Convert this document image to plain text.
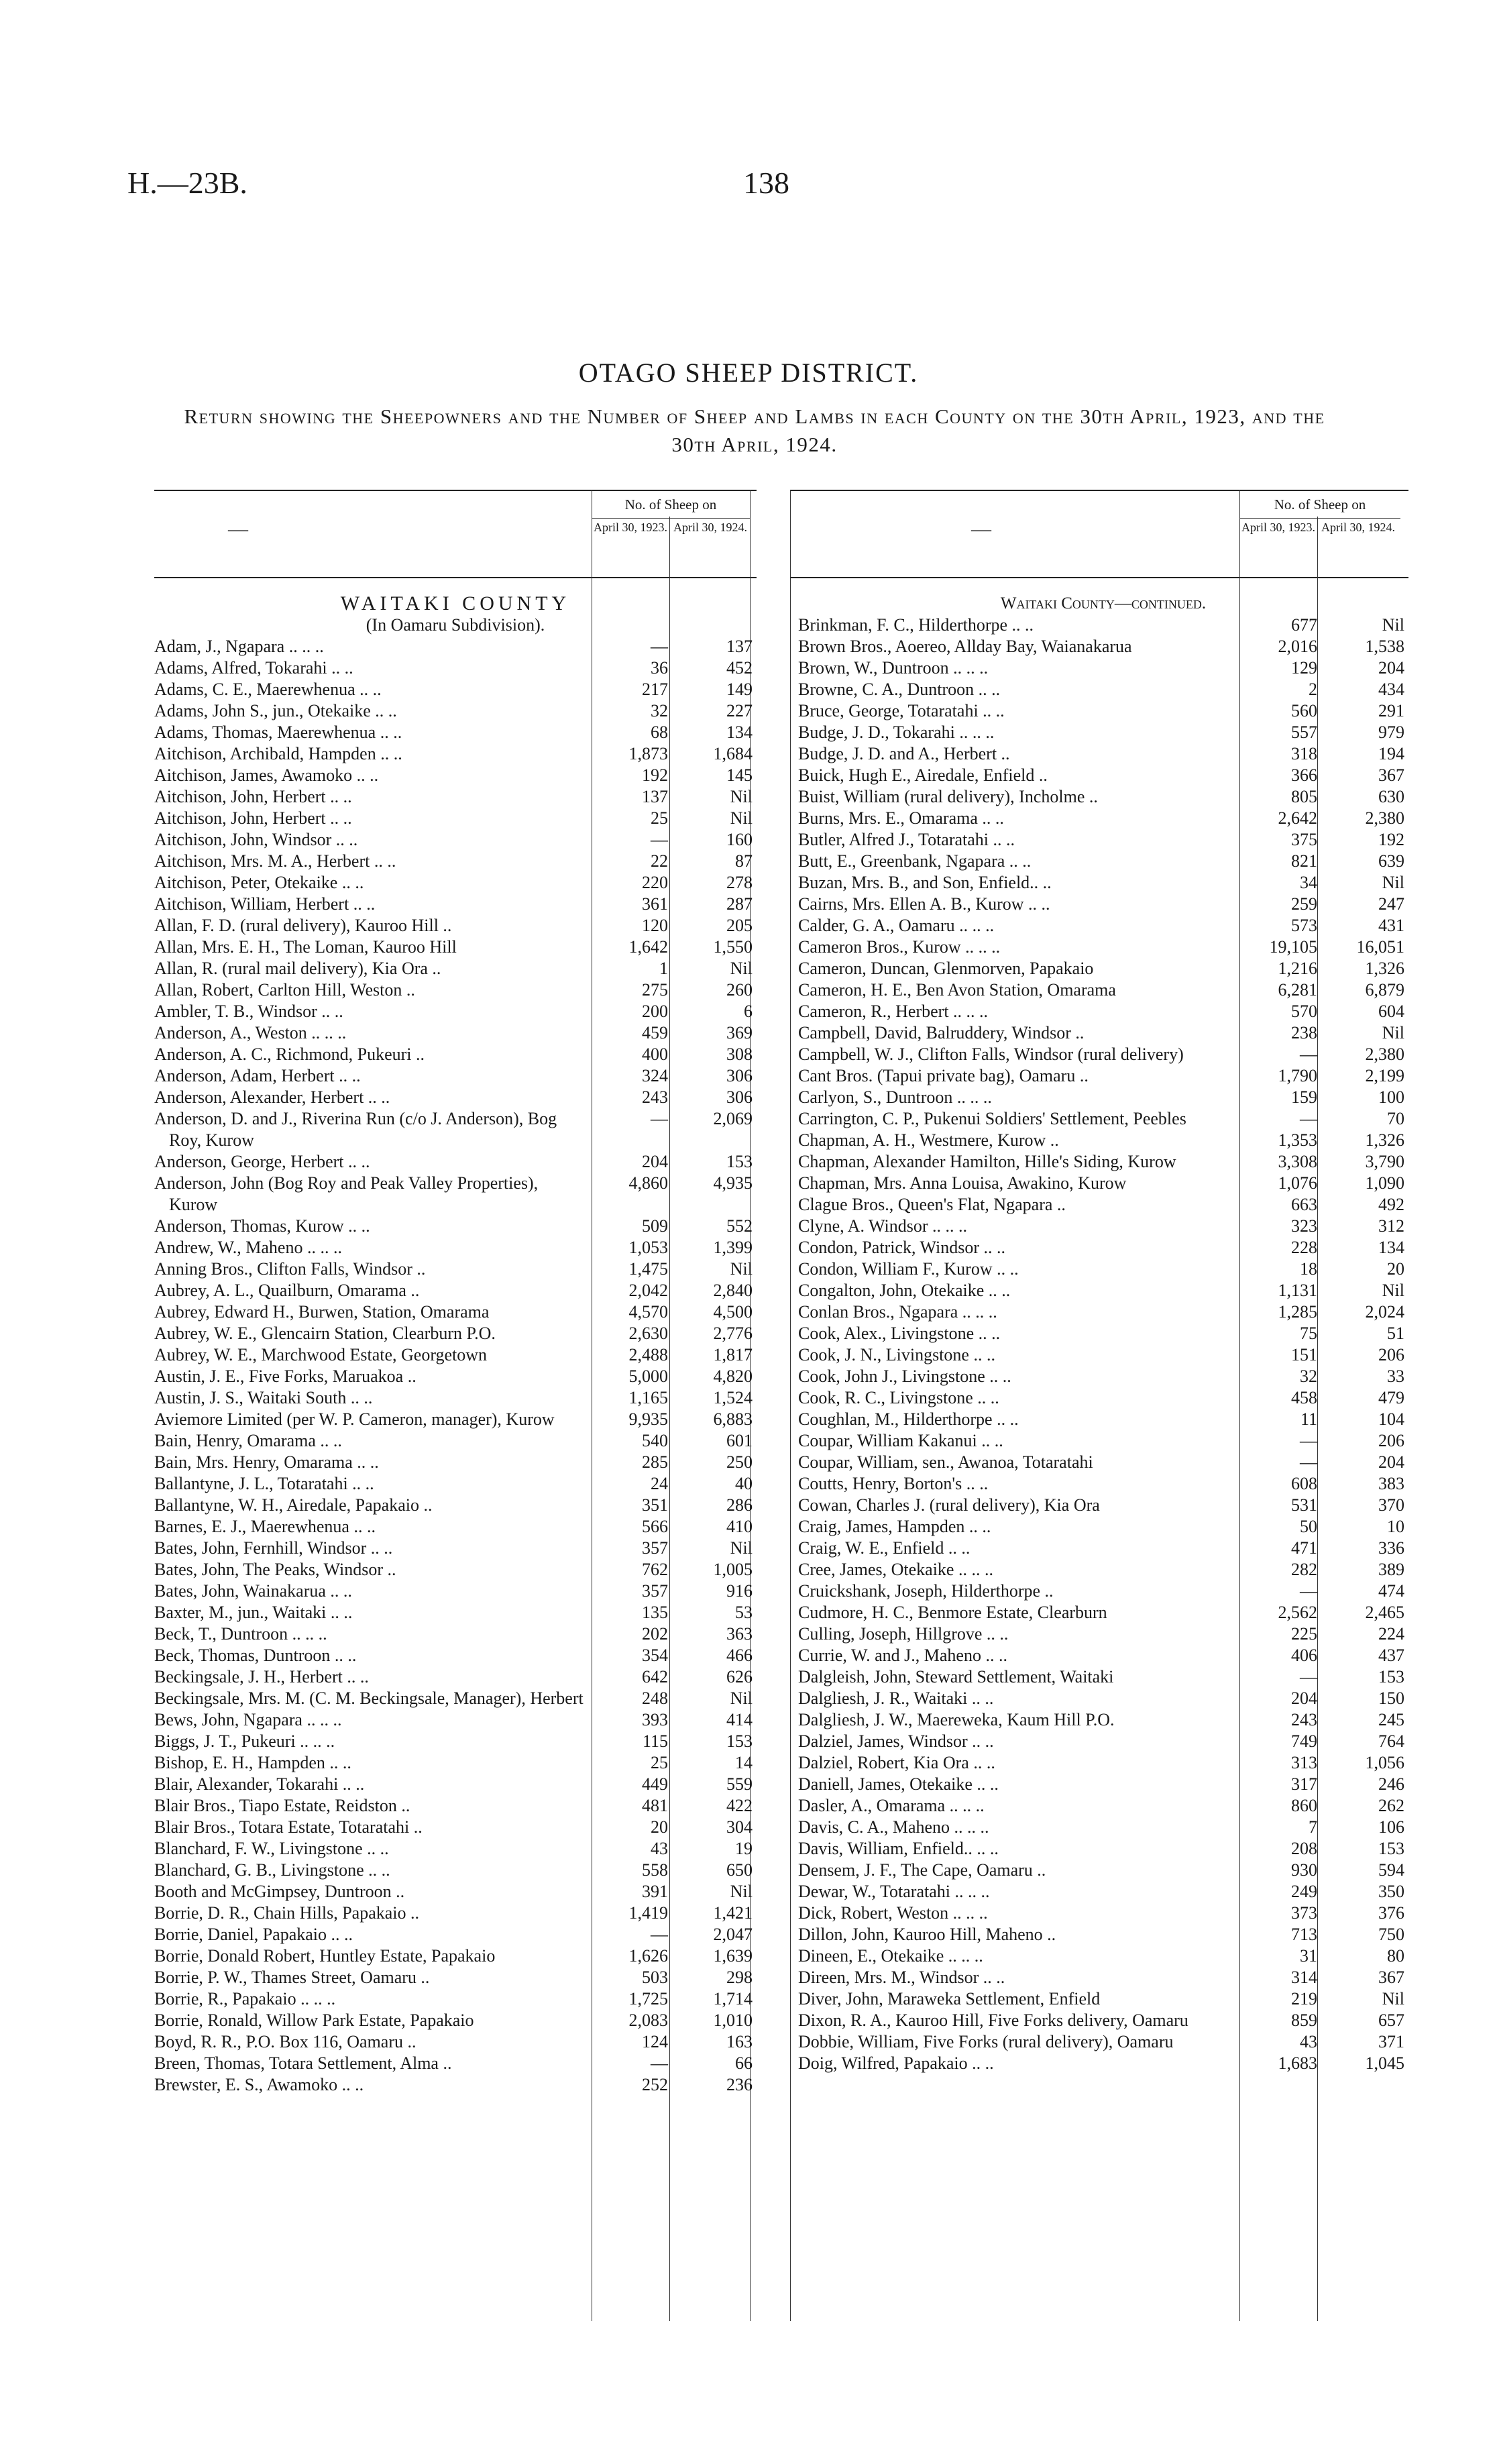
H.—23B.	138
OTAGO SHEEP DISTRICT.
Return showing the Sheepowners and the Number of Sheep and Lambs in each County on the 30th April, 1923, and the 30th April, 1924.
—
No. of Sheep on
April 30, 1923. April 30, 1924.
WAITAKI COUNTY
(In Oamaru Subdivision).
Adam, J., Ngapara .. .. ..	—	137
Adams, Alfred, Tokarahi .. ..	36	452
Adams, C. E., Maerewhenua .. ..	217	149
Adams, John S., jun., Otekaike .. ..	32	227
Adams, Thomas, Maerewhenua .. ..	68	134
Aitchison, Archibald, Hampden .. ..	1,873	1,684
Aitchison, James, Awamoko .. ..	192	145
Aitchison, John, Herbert .. ..	137	Nil
Aitchison, John, Herbert .. ..	25	Nil
Aitchison, John, Windsor .. ..	—	160
Aitchison, Mrs. M. A., Herbert .. ..	22	87
Aitchison, Peter, Otekaike .. ..	220	278
Aitchison, William, Herbert .. ..	361	287
Allan, F. D. (rural delivery), Kauroo Hill ..	120	205
Allan, Mrs. E. H., The Loman, Kauroo Hill	1,642	1,550
Allan, R. (rural mail delivery), Kia Ora ..	1	Nil
Allan, Robert, Carlton Hill, Weston ..	275	260
Ambler, T. B., Windsor .. ..	200	6
Anderson, A., Weston .. .. ..	459	369
Anderson, A. C., Richmond, Pukeuri ..	400	308
Anderson, Adam, Herbert .. ..	324	306
Anderson, Alexander, Herbert .. ..	243	306
Anderson, D. and J., Riverina Run (c/o J. Anderson), Bog Roy, Kurow
—	2,069
Anderson, George, Herbert .. ..	204	153
Anderson, John (Bog Roy and Peak Valley Properties), Kurow
4,860	4,935
Anderson, Thomas, Kurow .. ..	509	552
Andrew, W., Maheno .. .. ..	1,053	1,399
Anning Bros., Clifton Falls, Windsor ..	1,475	Nil
Aubrey, A. L., Quailburn, Omarama ..	2,042	2,840
Aubrey, Edward H., Burwen, Station, Omarama	4,570	4,500
Aubrey, W. E., Glencairn Station, Clearburn P.O.	2,630	2,776
Aubrey, W. E., Marchwood Estate, Georgetown	2,488	1,817
Austin, J. E., Five Forks, Maruakoa ..	5,000	4,820
Austin, J. S., Waitaki South .. ..	1,165	1,524
Aviemore Limited (per W. P. Cameron, manager), Kurow	9,935	6,883
Bain, Henry, Omarama .. ..	540	601
Bain, Mrs. Henry, Omarama .. ..	285	250
Ballantyne, J. L., Totaratahi .. ..	24	40
Ballantyne, W. H., Airedale, Papakaio ..	351	286
Barnes, E. J., Maerewhenua .. ..	566	410
Bates, John, Fernhill, Windsor .. ..	357	Nil
Bates, John, The Peaks, Windsor ..	762	1,005
Bates, John, Wainakarua .. ..	357	916
Baxter, M., jun., Waitaki .. ..	135	53
Beck, T., Duntroon .. .. ..	202	363
Beck, Thomas, Duntroon .. ..	354	466
Beckingsale, J. H., Herbert .. ..	642	626
Beckingsale, Mrs. M. (C. M. Beckingsale, Manager), Herbert	248	Nil
Bews, John, Ngapara .. .. ..	393	414
Biggs, J. T., Pukeuri .. .. ..	115	153
Bishop, E. H., Hampden .. ..	25	14
Blair, Alexander, Tokarahi .. ..	449	559
Blair Bros., Tiapo Estate, Reidston ..	481	422
Blair Bros., Totara Estate, Totaratahi ..	20	304
Blanchard, F. W., Livingstone .. ..	43	19
Blanchard, G. B., Livingstone .. ..	558	650
Booth and McGimpsey, Duntroon ..	391	Nil
Borrie, D. R., Chain Hills, Papakaio ..	1,419	1,421
Borrie, Daniel, Papakaio .. ..	—	2,047
Borrie, Donald Robert, Huntley Estate, Papakaio	1,626	1,639
Borrie, P. W., Thames Street, Oamaru ..	503	298
Borrie, R., Papakaio .. .. ..	1,725	1,714
Borrie, Ronald, Willow Park Estate, Papakaio	2,083	1,010
Boyd, R. R., P.O. Box 116, Oamaru ..	124	163
Breen, Thomas, Totara Settlement, Alma ..	—	66
Brewster, E. S., Awamoko .. ..	252	236
—
No. of Sheep on
April 30, 1923. April 30, 1924.
Waitaki County—continued.
Brinkman, F. C., Hilderthorpe .. ..	677	Nil
Brown Bros., Aoereo, Allday Bay, Waianakarua	2,016	1,538
Brown, W., Duntroon .. .. ..	129	204
Browne, C. A., Duntroon .. ..	2	434
Bruce, George, Totaratahi .. ..	560	291
Budge, J. D., Tokarahi .. .. ..	557	979
Budge, J. D. and A., Herbert ..	318	194
Buick, Hugh E., Airedale, Enfield ..	366	367
Buist, William (rural delivery), Incholme ..	805	630
Burns, Mrs. E., Omarama .. ..	2,642	2,380
Butler, Alfred J., Totaratahi .. ..	375	192
Butt, E., Greenbank, Ngapara .. ..	821	639
Buzan, Mrs. B., and Son, Enfield.. ..	34	Nil
Cairns, Mrs. Ellen A. B., Kurow .. ..	259	247
Calder, G. A., Oamaru .. .. ..	573	431
Cameron Bros., Kurow .. .. ..	19,105	16,051
Cameron, Duncan, Glenmorven, Papakaio	1,216	1,326
Cameron, H. E., Ben Avon Station, Omarama	6,281	6,879
Cameron, R., Herbert .. .. ..	570	604
Campbell, David, Balruddery, Windsor ..	238	Nil
Campbell, W. J., Clifton Falls, Windsor (rural delivery)	—	2,380
Cant Bros. (Tapui private bag), Oamaru ..	1,790	2,199
Carlyon, S., Duntroon .. .. ..	159	100
Carrington, C. P., Pukenui Soldiers' Settlement, Peebles	—	70
Chapman, A. H., Westmere, Kurow ..	1,353	1,326
Chapman, Alexander Hamilton, Hille's Siding, Kurow	3,308	3,790
Chapman, Mrs. Anna Louisa, Awakino, Kurow	1,076	1,090
Clague Bros., Queen's Flat, Ngapara ..	663	492
Clyne, A. Windsor .. .. ..	323	312
Condon, Patrick, Windsor .. ..	228	134
Condon, William F., Kurow .. ..	18	20
Congalton, John, Otekaike .. ..	1,131	Nil
Conlan Bros., Ngapara .. .. ..	1,285	2,024
Cook, Alex., Livingstone .. ..	75	51
Cook, J. N., Livingstone .. ..	151	206
Cook, John J., Livingstone .. ..	32	33
Cook, R. C., Livingstone .. ..	458	479
Coughlan, M., Hilderthorpe .. ..	11	104
Coupar, William Kakanui .. ..	—	206
Coupar, William, sen., Awanoa, Totaratahi	—	204
Coutts, Henry, Borton's .. ..	608	383
Cowan, Charles J. (rural delivery), Kia Ora	531	370
Craig, James, Hampden .. ..	50	10
Craig, W. E., Enfield .. ..	471	336
Cree, James, Otekaike .. .. ..	282	389
Cruickshank, Joseph, Hilderthorpe ..	—	474
Cudmore, H. C., Benmore Estate, Clearburn	2,562	2,465
Culling, Joseph, Hillgrove .. ..	225	224
Currie, W. and J., Maheno .. ..	406	437
Dalgleish, John, Steward Settlement, Waitaki	—	153
Dalgliesh, J. R., Waitaki .. ..	204	150
Dalgliesh, J. W., Maereweka, Kaum Hill P.O.	243	245
Dalziel, James, Windsor .. ..	749	764
Dalziel, Robert, Kia Ora .. ..	313	1,056
Daniell, James, Otekaike .. ..	317	246
Dasler, A., Omarama .. .. ..	860	262
Davis, C. A., Maheno .. .. ..	7	106
Davis, William, Enfield.. .. ..	208	153
Densem, J. F., The Cape, Oamaru ..	930	594
Dewar, W., Totaratahi .. .. ..	249	350
Dick, Robert, Weston .. .. ..	373	376
Dillon, John, Kauroo Hill, Maheno ..	713	750
Dineen, E., Otekaike .. .. ..	31	80
Direen, Mrs. M., Windsor .. ..	314	367
Diver, John, Maraweka Settlement, Enfield	219	Nil
Dixon, R. A., Kauroo Hill, Five Forks delivery, Oamaru	859	657
Dobbie, William, Five Forks (rural delivery), Oamaru	43	371
Doig, Wilfred, Papakaio .. ..	1,683	1,045
